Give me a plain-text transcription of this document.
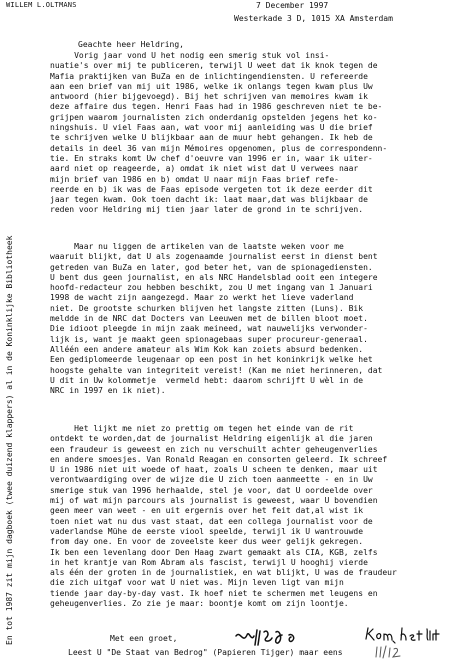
WILLEM L.OLTMANS	7 December 1997
Westerkade 3 D, 1015 XA Amsterdam
En tot 1987 zit mijn dagboek (twee duizend klappers) al in de Koninklijke Bibliotheek
Geachte heer Heldring,
Vorig jaar vond U het nodig een smerig stuk vol insi-
nuatie's over mij te publiceren, terwijl U weet dat ik knok tegen de
Mafia praktijken van BuZa en de inlichtingendiensten. U refereerde
aan een brief van mij uit 1986, welke ik onlangs tegen kwam plus Uw
antwoord (hier bijgevoegd). Bij het schrijven van memoires kwam ik
deze affaire dus tegen. Henri Faas had in 1986 geschreven niet te be-
grijpen waarom journalisten zich onderdanig opstelden jegens het ko-
ningshuis. U viel Faas aan, wat voor mij aanleiding was U die brief
te schrijven welke U blijkbaar aan de muur hebt gehangen. Ik heb de
details in deel 36 van mijn Mémoires opgenomen, plus de correspondenn-
tie. En straks komt Uw chef d'oeuvre van 1996 er in, waar ik uiter-
aard niet op reageerde, a) omdat ik niet wist dat U verwees naar
mijn brief van 1986 en b) omdat U naar mijn Faas brief refe-
reerde en b) ik was de Faas episode vergeten tot ik deze eerder dit
jaar tegen kwam. Ook toen dacht ik: laat maar,dat was blijkbaar de
reden voor Heldring mij tien jaar later de grond in te schrijven.
Maar nu liggen de artikelen van de laatste weken voor me
waaruit blijkt, dat U als zogenaamde journalist eerst in dienst bent
getreden van BuZa en later, god beter het, van de spionagediensten.
U bent dus geen journalist, en als NRC Handelsblad ooit een integere
hoofd-redacteur zou hebben beschikt, zou U met ingang van 1 Januari
1998 de wacht zijn aangezegd. Maar zo werkt het lieve vaderland
niet. De grootste schurken blijven het langste zitten (Luns). Bik
meldde in de NRC dat Docters van Leeuwen met de billen bloot moet.
Die idioot pleegde in mijn zaak meineed, wat nauwelijks verwonder-
lijk is, want je maakt geen spionagebaas super procureur-generaal.
Alléén een andere amateur als Wim Kok kan zoiets absurd bedenken.
Een gediplomeerde leugenaar op een post in het koninkrijk welke het
hoogste gehalte van integriteit vereist! (Kan me niet herinneren, dat
U dit in Uw kolommetje  vermeld hebt: daarom schrijft U wèl in de
NRC in 1997 en ik niet).
Het lijkt me niet zo prettig om tegen het einde van de rit
ontdekt te worden,dat de journalist Heldring eigenlijk al die jaren
een fraudeur is geweest en zich nu verschuilt achter geheugenverlies
en andere smoesjes. Van Ronald Reagan en consorten geleerd. Ik schreef
U in 1986 niet uit woede of haat, zoals U scheen te denken, maar uit
verontwaardiging over de wijze die U zich toen aanmeette - en in Uw
smerige stuk van 1996 herhaalde, stel je voor, dat U oordeelde over
mij of wat mijn parcours als journalist is geweest, waar U bovendien
geen meer van weet - en uit ergernis over het feit dat,al wist ik
toen niet wat nu dus vast staat, dat een collega journalist voor de
vaderlandse Mühe de eerste viool speelde, terwijl ik U wantrouwde
from day one. En voor de zoveelste keer dus weer gelijk gekregen.
Ik ben een levenlang door Den Haag zwart gemaakt als CIA, KGB, zelfs
in het krantje van Rom Abram als fascist, terwijl U hooghij vierde
als één der groten in de journalistiek, en wat blijkt, U was de fraudeur
die zich uitgaf voor wat U niet was. Mijn leven ligt van mijn
tiende jaar day-by-day vast. Ik hoef niet te schermen met leugens en
geheugenverlies. Zo zie je maar: boontje komt om zijn loontje.
Met een groet,
Leest U "De Staat van Bedrog" (Papieren Tijger) maar eens
